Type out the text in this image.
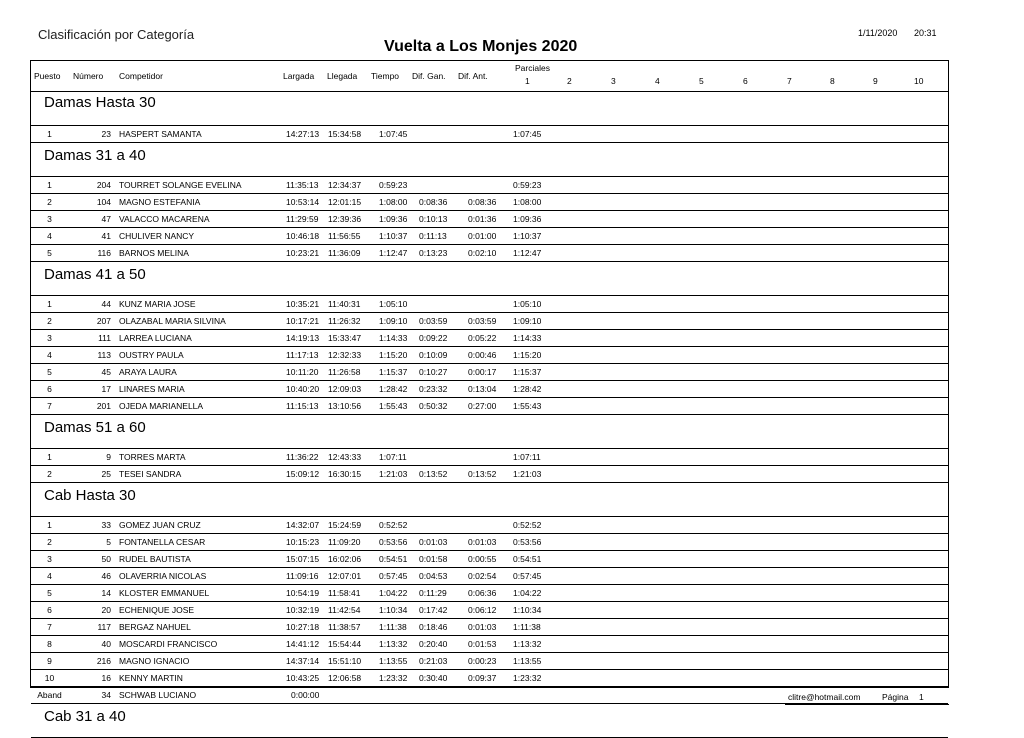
Clasificación por Categoría
Vuelta a Los Monjes 2020
1/11/2020 20:31
Puesto Número Competidor	Largada Llegada Tiempo Dif. Gan. Dif. Ant.
Parciales
1	2	3	4	5	6	7	8	9	10
Damas Hasta 30
1	23 HASPERT SAMANTA	14:27:13 15:34:58 1:07:45	1:07:45
Damas 31 a 40
1	204 TOURRET SOLANGE EVELINA	11:35:13 12:34:37 0:59:23	0:59:23
2	104 MAGNO ESTEFANIA	10:53:14 12:01:15 1:08:00 0:08:36 0:08:36 1:08:00
3	47 VALACCO MACARENA	11:29:59 12:39:36 1:09:36 0:10:13 0:01:36 1:09:36
4	41 CHULIVER NANCY	10:46:18 11:56:55 1:10:37 0:11:13	0:01:00 1:10:37
5	116 BARNOS MELINA	10:23:21 11:36:09 1:12:47 0:13:23 0:02:10 1:12:47
Damas 41 a 50
1	44 KUNZ MARIA JOSE	10:35:21 11:40:31 1:05:10	1:05:10
2	207 OLAZABAL MARIA SILVINA	10:17:21 11:26:32 1:09:10 0:03:59 0:03:59 1:09:10
3	111 LARREA LUCIANA	14:19:13 15:33:47 1:14:33 0:09:22 0:05:22 1:14:33
4	113 OUSTRY PAULA	11:17:13 12:32:33 1:15:20 0:10:09 0:00:46 1:15:20
5	45 ARAYA LAURA	10:11:20 11:26:58 1:15:37 0:10:27 0:00:17 1:15:37
6	17 LINARES MARIA	10:40:20 12:09:03 1:28:42 0:23:32 0:13:04 1:28:42
7	201 OJEDA MARIANELLA	11:15:13 13:10:56 1:55:43 0:50:32 0:27:00 1:55:43
Damas 51 a 60
1	9 TORRES MARTA	11:36:22 12:43:33 1:07:11	1:07:11
2	25 TESEI SANDRA	15:09:12 16:30:15 1:21:03 0:13:52 0:13:52 1:21:03
Cab Hasta 30
1	33 GOMEZ JUAN CRUZ	14:32:07 15:24:59 0:52:52	0:52:52
2	5 FONTANELLA CESAR	10:15:23 11:09:20 0:53:56 0:01:03 0:01:03 0:53:56
3	50 RUDEL BAUTISTA	15:07:15 16:02:06 0:54:51 0:01:58 0:00:55 0:54:51
4	46 OLAVERRIA NICOLAS	11:09:16 12:07:01 0:57:45 0:04:53 0:02:54 0:57:45
5	14 KLOSTER EMMANUEL	10:54:19 11:58:41 1:04:22 0:11:29	0:06:36 1:04:22
6	20 ECHENIQUE JOSE	10:32:19 11:42:54 1:10:34 0:17:42 0:06:12 1:10:34
7	117 BERGAZ NAHUEL	10:27:18 11:38:57 1:11:38 0:18:46 0:01:03 1:11:38
8	40 MOSCARDI FRANCISCO	14:41:12 15:54:44 1:13:32 0:20:40 0:01:53 1:13:32
9	216 MAGNO IGNACIO	14:37:14 15:51:10 1:13:55 0:21:03 0:00:23 1:13:55
10	16 KENNY MARTIN	10:43:25 12:06:58 1:23:32 0:30:40 0:09:37 1:23:32
Aband	34 SCHWAB LUCIANO	0:00:00
Cab 31 a 40
clitre@hotmail.com	Página 1
